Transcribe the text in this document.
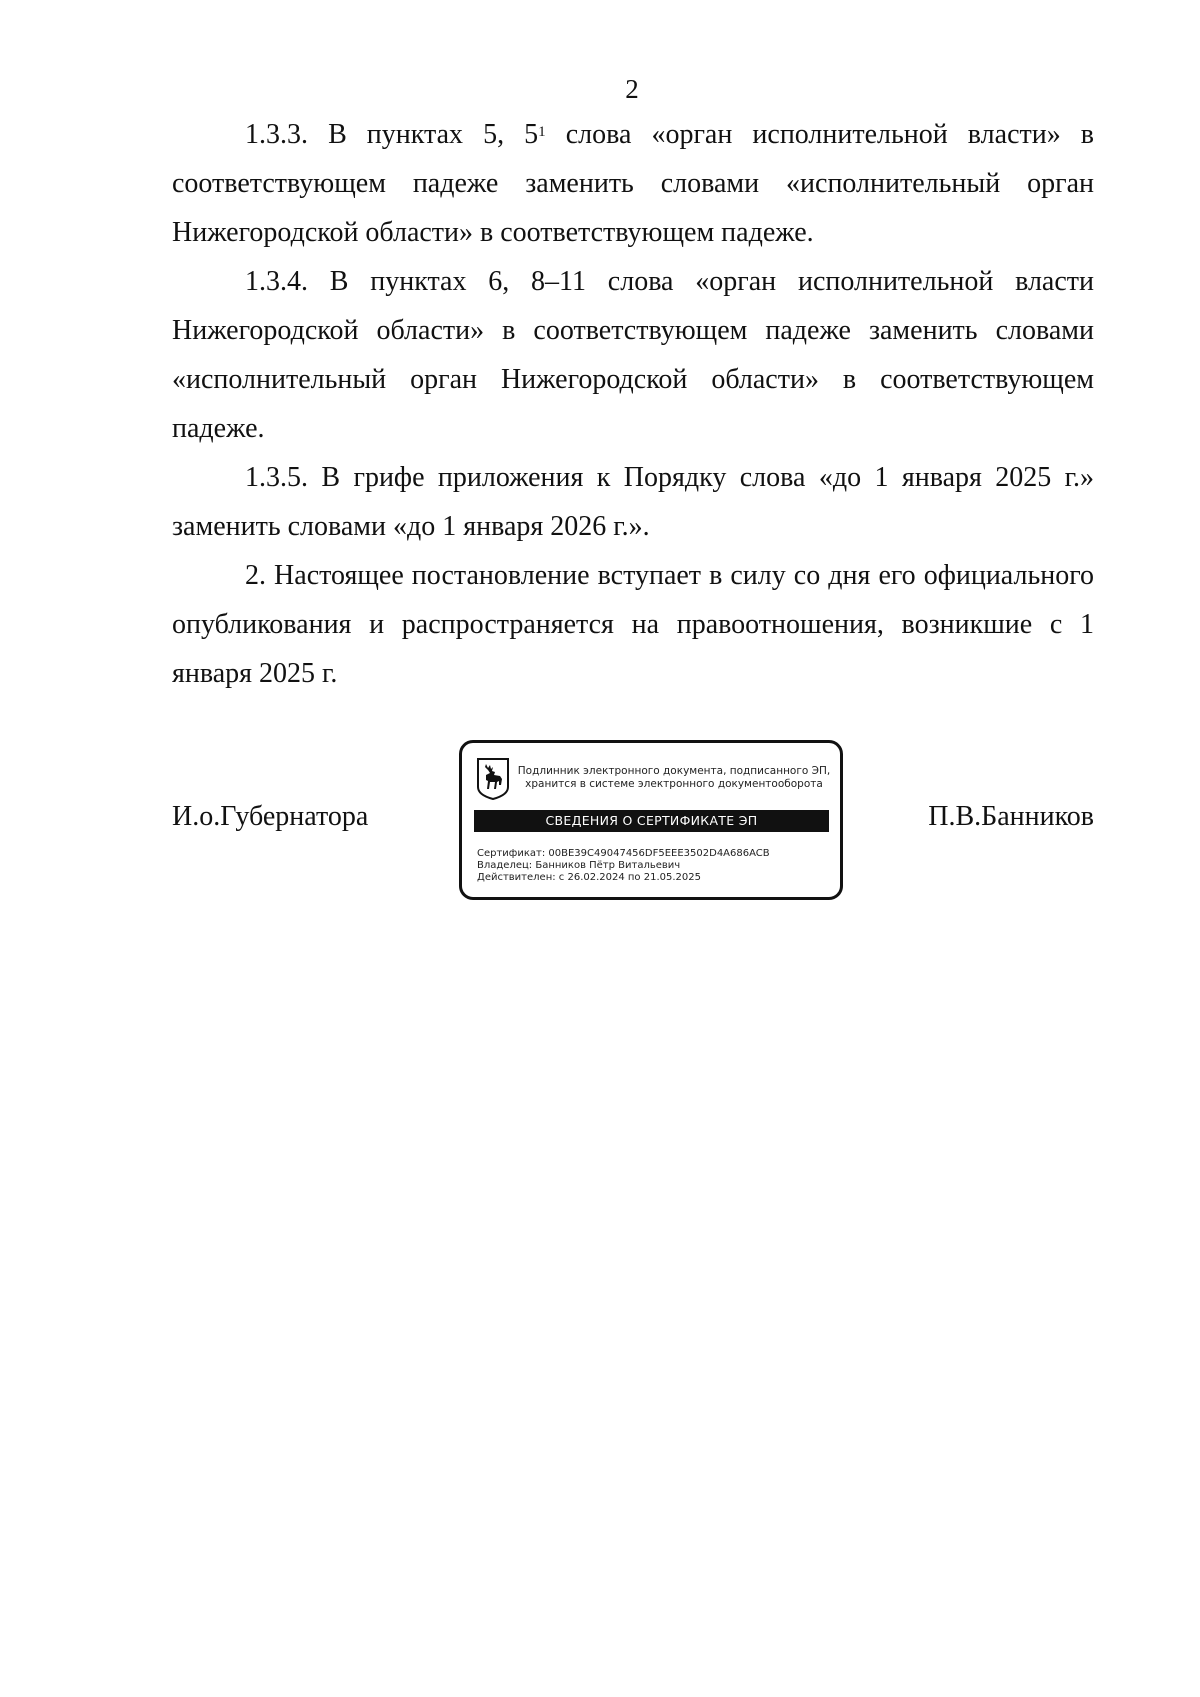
2

1.3.3. В пунктах 5, $5^1$ слова «орган исполнительной власти» в соответствующем падеже заменить словами «исполнительный орган Нижегородской области» в соответствующем падеже.

1.3.4. В пунктах 6, 8–11 слова «орган исполнительной власти Нижегородской области» в соответствующем падеже заменить словами «исполнительный орган Нижегородской области» в соответствующем падеже.

1.3.5. В грифе приложения к Порядку слова «до 1 января 2025 г.» заменить словами «до 1 января 2026 г.».

2. Настоящее постановление вступает в силу со дня его официального опубликования и распространяется на правоотношения, возникшие с 1 января 2025 г.

И.о.Губернатора
Подлинник электронного документа, подписанного ЭП,
хранится в системе электронного документооборота
СВЕДЕНИЯ О СЕРТИФИКАТЕ ЭП
Сертификат: 00BE39C49047456DF5EEE3502D4A686ACB
Владелец: Банников Пётр Витальевич
Действителен: с 26.02.2024 по 21.05.2025
П.В.Банников
